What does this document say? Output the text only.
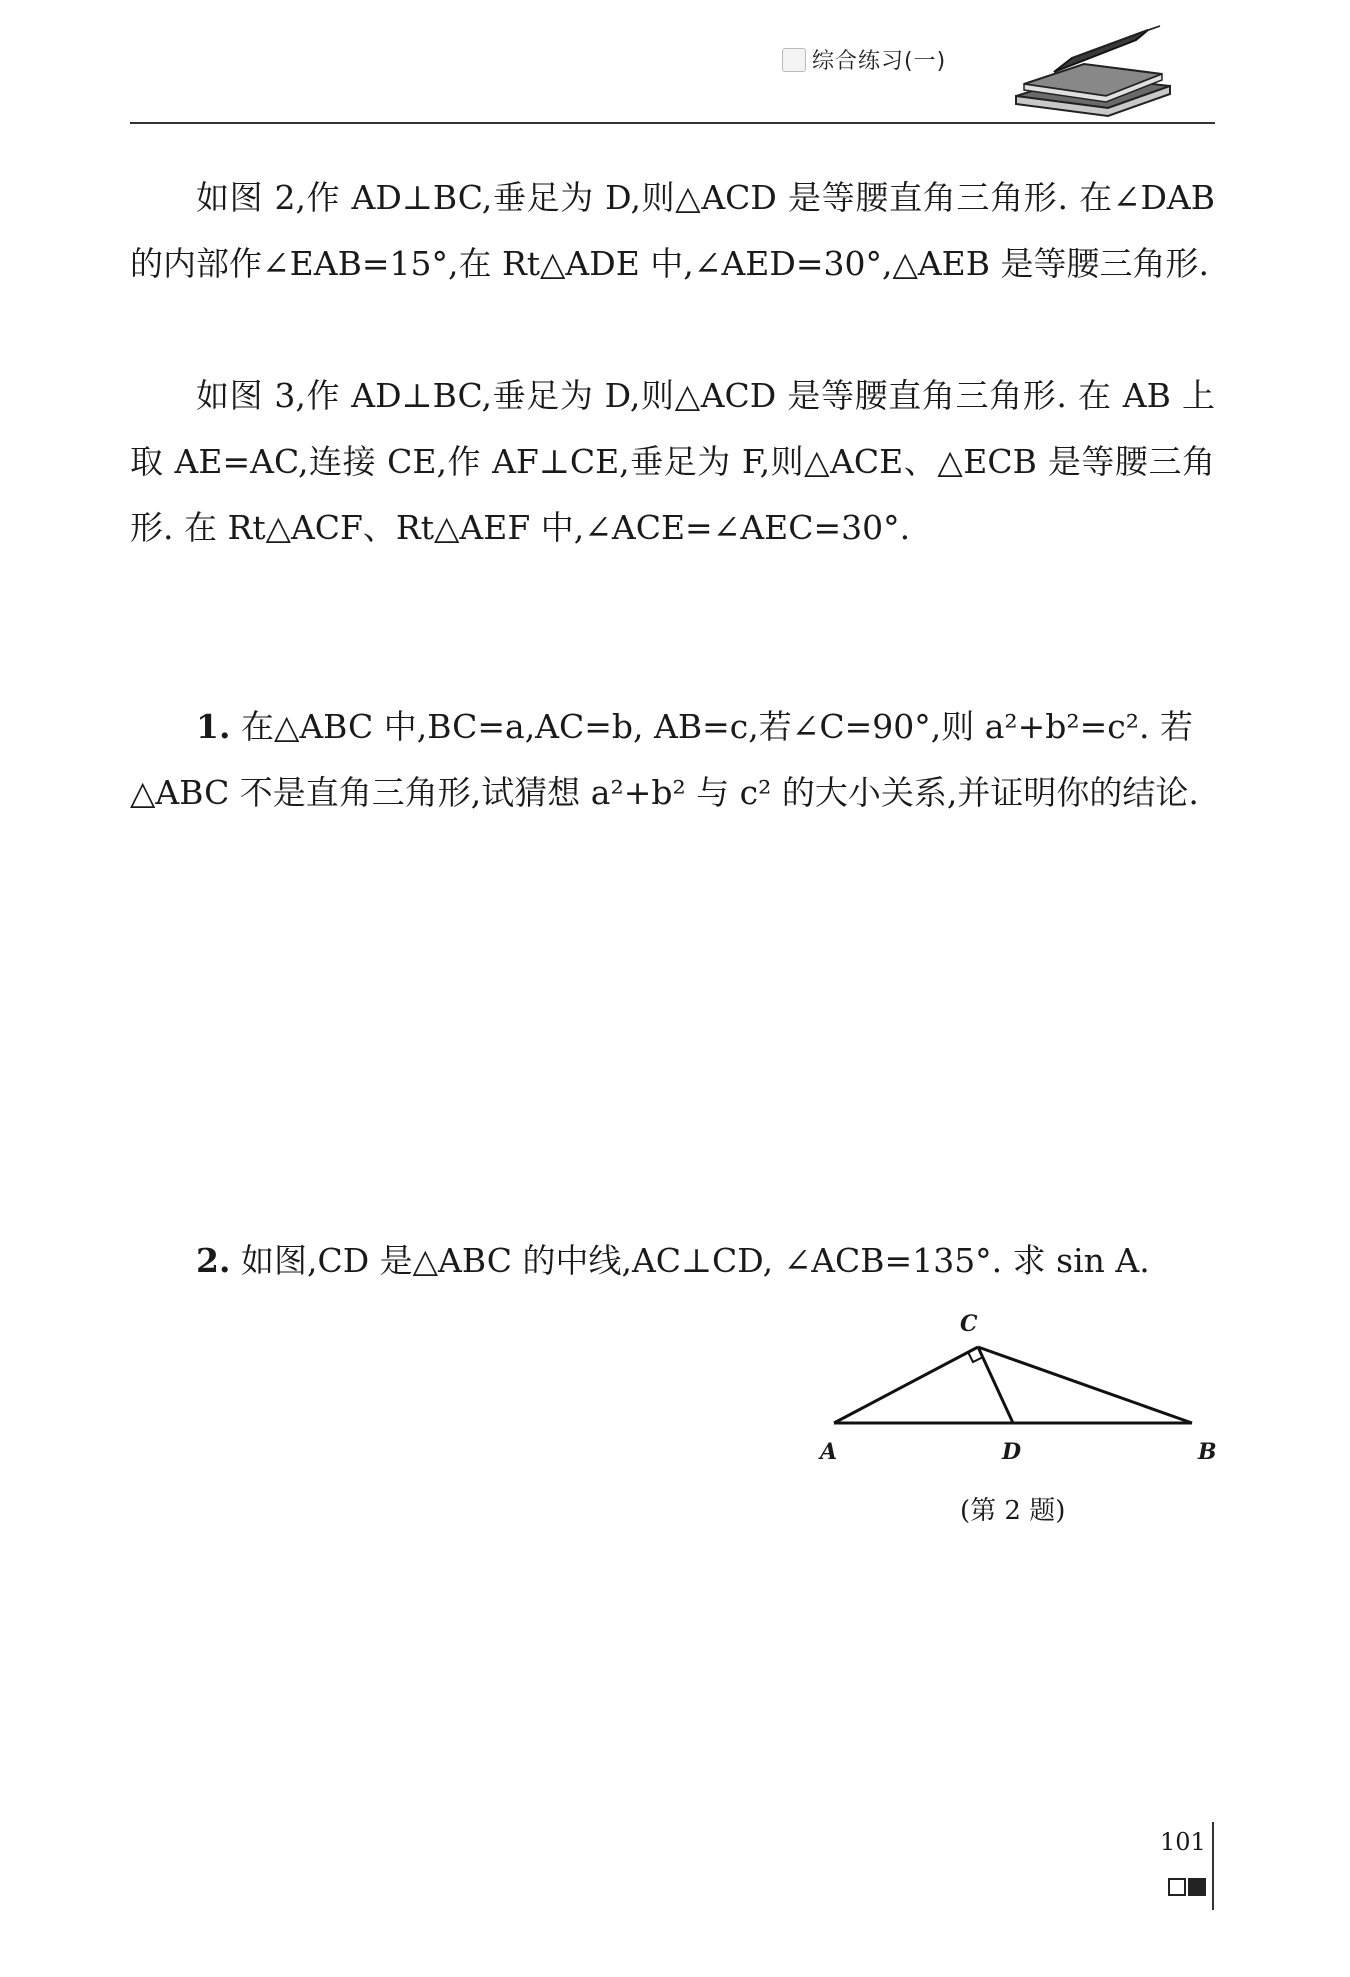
综合练习(一)

如图 2,作 AD⊥BC,垂足为 D,则△ACD 是等腰直角三角形. 在∠DAB 的内部作∠EAB=15°,在 Rt△ADE 中,∠AED=30°,△AEB 是等腰三角形.

如图 3,作 AD⊥BC,垂足为 D,则△ACD 是等腰直角三角形. 在 AB 上取 AE=AC,连接 CE,作 AF⊥CE,垂足为 F,则△ACE、△ECB 是等腰三角形. 在 Rt△ACF、Rt△AEF 中,∠ACE=∠AEC=30°.

1. 在△ABC 中,BC=a,AC=b, AB=c,若∠C=90°,则 a²+b²=c². 若△ABC 不是直角三角形,试猜想 a²+b² 与 c² 的大小关系,并证明你的结论.

2. 如图,CD 是△ABC 的中线,AC⊥CD, ∠ACB=135°. 求 sin A.

C
A	D	B
(第 2 题)
101
